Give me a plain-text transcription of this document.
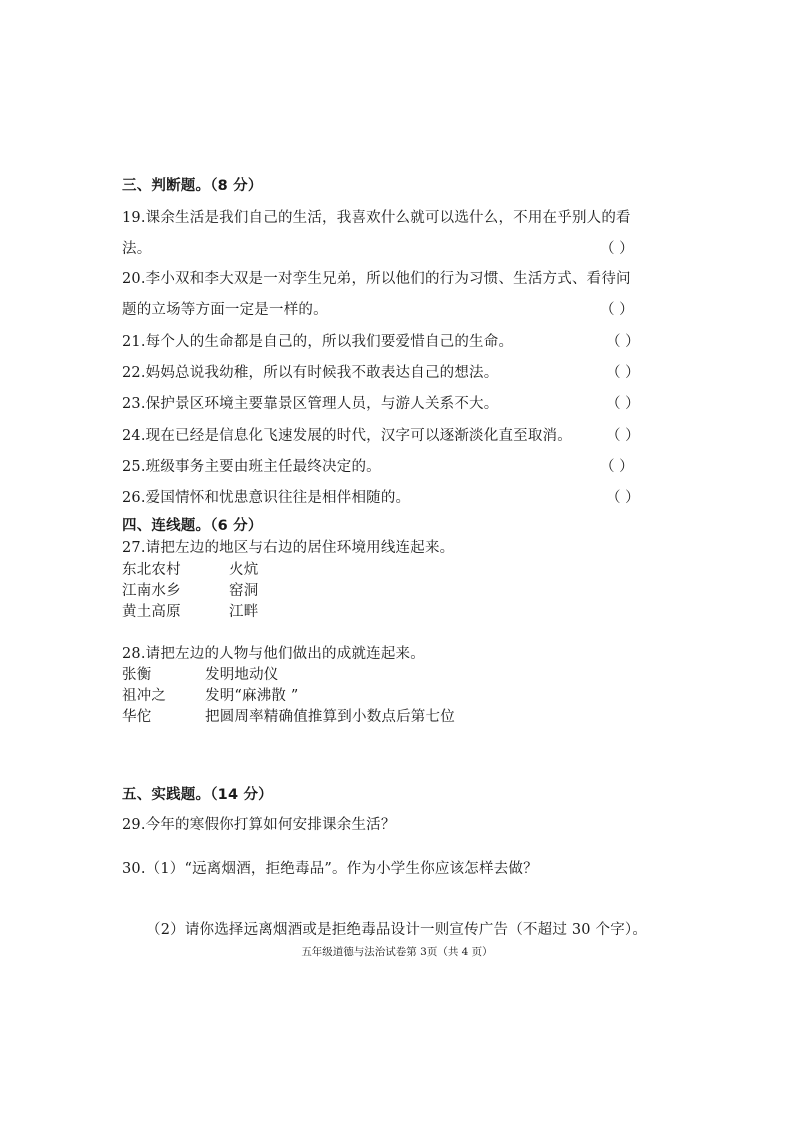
三、判断题。（8 分）
19.课余生活是我们自己的生活，我喜欢什么就可以选什么，不用在乎别人的看
法。	（ ）
20.李小双和李大双是一对孪生兄弟，所以他们的行为习惯、生活方式、看待问
题的立场等方面一定是一样的。	（ ）
21.每个人的生命都是自己的，所以我们要爱惜自己的生命。	（ ）
22.妈妈总说我幼稚，所以有时候我不敢表达自己的想法。	（ ）
23.保护景区环境主要靠景区管理人员，与游人关系不大。	（ ）
24.现在已经是信息化飞速发展的时代，汉字可以逐渐淡化直至取消。 （ ）
25.班级事务主要由班主任最终决定的。	（ ）
26.爱国情怀和忧患意识往往是相伴相随的。	（ ）
四、连线题。（6 分）
27.请把左边的地区与右边的居住环境用线连起来。
东北农村	火炕
江南水乡	窑洞
黄土高原	江畔
28.请把左边的人物与他们做出的成就连起来。
张衡	发明地动仪
祖冲之	发明“麻沸散 ”
华佗	把圆周率精确值推算到小数点后第七位
五、实践题。（14 分）
29.今年的寒假你打算如何安排课余生活？
30.（1）“远离烟酒，拒绝毒品”。作为小学生你应该怎样去做？
（2）请你选择远离烟酒或是拒绝毒品设计一则宣传广告（不超过 30 个字）。
五年级道德与法治试卷第 3页（共 4 页）
